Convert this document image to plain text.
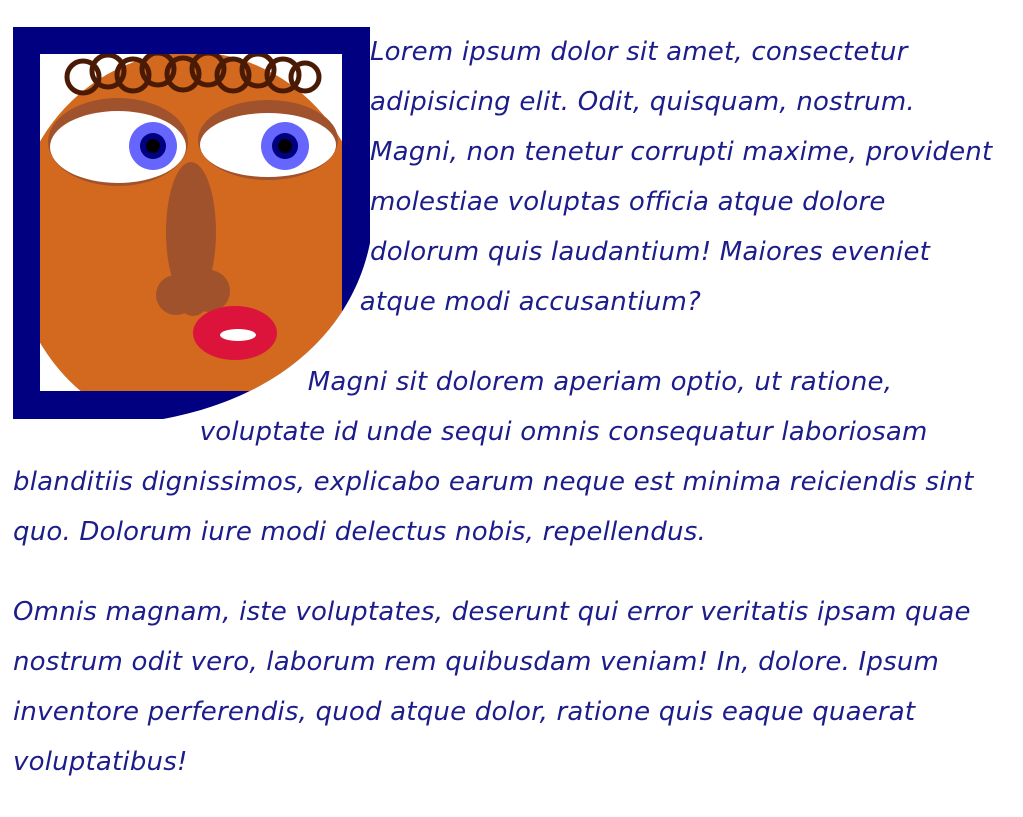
Lorem ipsum dolor sit amet, consectetur adipisicing elit. Odit, quisquam, nostrum. Magni, non tenetur corrupti maxime, provident molestiae voluptas officia atque dolore dolorum quis laudantium! Maiores eveniet atque modi accusantium?

Magni sit dolorem aperiam optio, ut ratione, voluptate id unde sequi omnis consequatur laboriosam blanditiis dignissimos, explicabo earum neque est minima reiciendis sint quo. Dolorum iure modi delectus nobis, repellendus.

Omnis magnam, iste voluptates, deserunt qui error veritatis ipsam quae nostrum odit vero, laborum rem quibusdam veniam! In, dolore. Ipsum inventore perferendis, quod atque dolor, ratione quis eaque quaerat voluptatibus!
